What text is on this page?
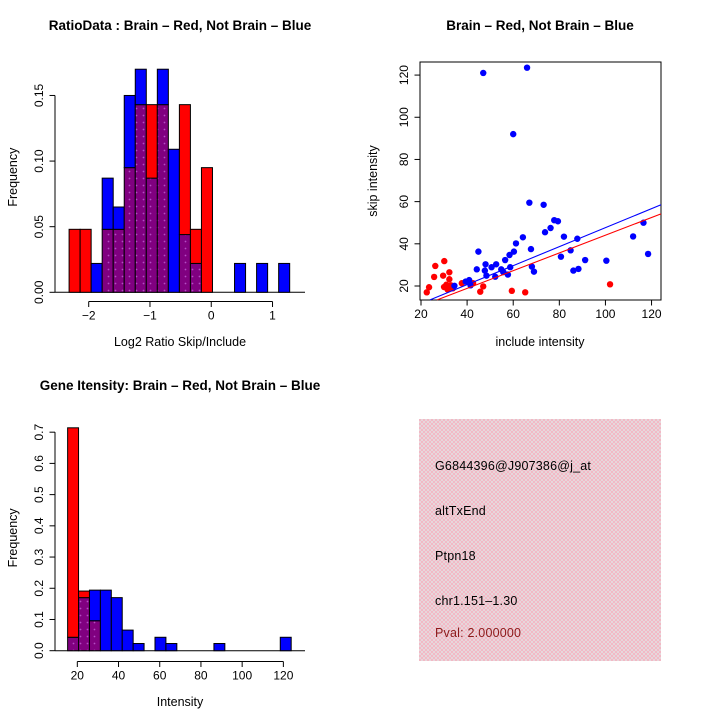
RatioData : Brain – Red, Not Brain – Blue
Log2 Ratio Skip/Include
Frequency
0.00
0.05
0.10
0.15
−2	−1	0	1
Brain – Red, Not Brain – Blue
include intensity
skip intensity
20
40
60
80
100
120
20	40	60	80 100 120
Gene Itensity: Brain – Red, Not Brain – Blue
Intensity
Frequency
0.0
0.1
0.2
0.3
0.4
0.5
0.6
0.7
20 40 60 80 100 120
G6844396@J907386@j_at
altTxEnd
Ptpn18
chr1.151–1.30
Pval: 2.000000
